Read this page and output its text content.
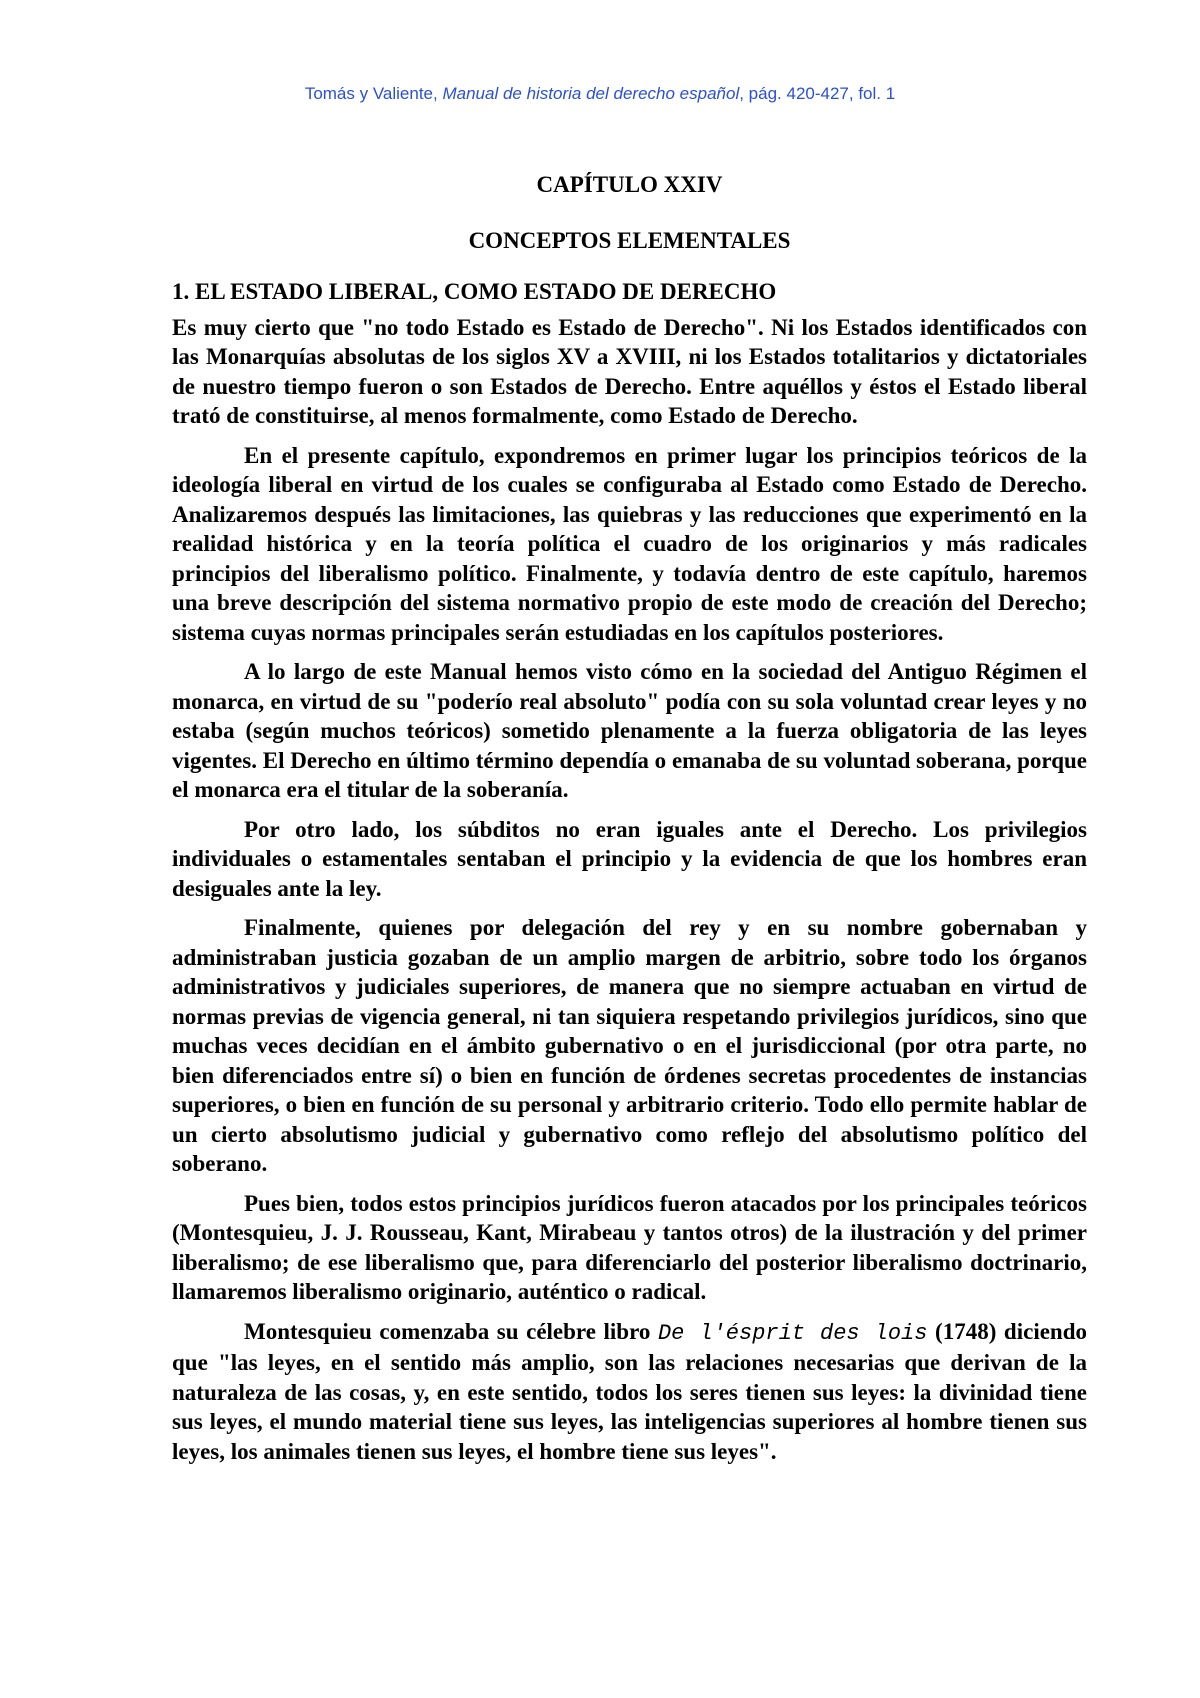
Tomás y Valiente, Manual de historia del derecho español, pág. 420-427, fol. 1
CAPÍTULO XXIV
CONCEPTOS ELEMENTALES
1. EL ESTADO LIBERAL, COMO ESTADO DE DERECHO

Es muy cierto que "no todo Estado es Estado de Derecho". Ni los Estados identificados con las Monarquías absolutas de los siglos XV a XVIII, ni los Estados totalitarios y dictatoriales de nuestro tiempo fueron o son Estados de Derecho. Entre aquéllos y éstos el Estado liberal trató de constituirse, al menos formalmente, como Estado de Derecho.

En el presente capítulo, expondremos en primer lugar los principios teóricos de la ideología liberal en virtud de los cuales se configuraba al Estado como Estado de Derecho. Analizaremos después las limitaciones, las quiebras y las reducciones que experimentó en la realidad histórica y en la teoría política el cuadro de los originarios y más radicales principios del liberalismo político. Finalmente, y todavía dentro de este capítulo, haremos una breve descripción del sistema normativo propio de este modo de creación del Derecho; sistema cuyas normas principales serán estudiadas en los capítulos posteriores.

A lo largo de este Manual hemos visto cómo en la sociedad del Antiguo Régimen el monarca, en virtud de su "poderío real absoluto" podía con su sola voluntad crear leyes y no estaba (según muchos teóricos) sometido plenamente a la fuerza obligatoria de las leyes vigentes. El Derecho en último término dependía o emanaba de su voluntad soberana, porque el monarca era el titular de la soberanía.

Por otro lado, los súbditos no eran iguales ante el Derecho. Los privilegios individuales o estamentales sentaban el principio y la evidencia de que los hombres eran desiguales ante la ley.

Finalmente, quienes por delegación del rey y en su nombre gobernaban y administraban justicia gozaban de un amplio margen de arbitrio, sobre todo los órganos administrativos y judiciales superiores, de manera que no siempre actuaban en virtud de normas previas de vigencia general, ni tan siquiera respetando privilegios jurídicos, sino que muchas veces decidían en el ámbito gubernativo o en el jurisdiccional (por otra parte, no bien diferenciados entre sí) o bien en función de órdenes secretas procedentes de instancias superiores, o bien en función de su personal y arbitrario criterio. Todo ello permite hablar de un cierto absolutismo judicial y gubernativo como reflejo del absolutismo político del soberano.

Pues bien, todos estos principios jurídicos fueron atacados por los principales teóricos (Montesquieu, J. J. Rousseau, Kant, Mirabeau y tantos otros) de la ilustración y del primer liberalismo; de ese liberalismo que, para diferenciarlo del posterior liberalismo doctrinario, llamaremos liberalismo originario, auténtico o radical.

Montesquieu comenzaba su célebre libro De l'ésprit des lois (1748) diciendo que "las leyes, en el sentido más amplio, son las relaciones necesarias que derivan de la naturaleza de las cosas, y, en este sentido, todos los seres tienen sus leyes: la divinidad tiene sus leyes, el mundo material tiene sus leyes, las inteligencias superiores al hombre tienen sus leyes, los animales tienen sus leyes, el hombre tiene sus leyes".
